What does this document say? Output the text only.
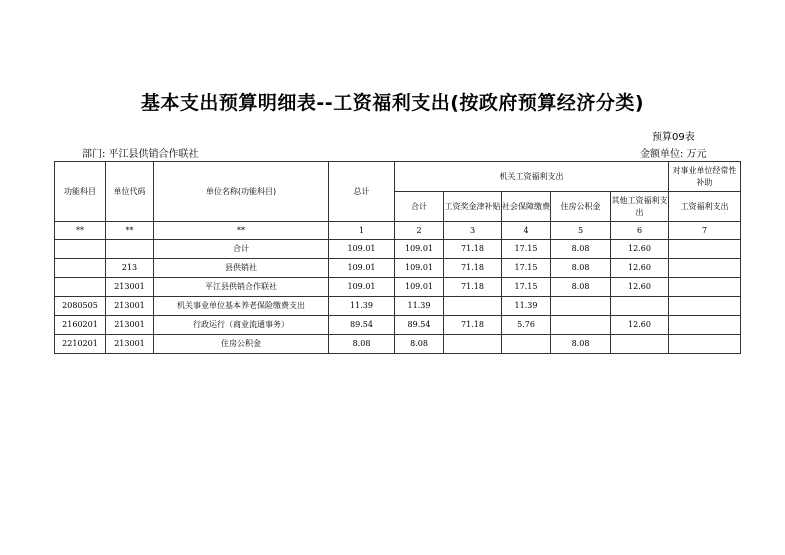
基本支出预算明细表--工资福利支出(按政府预算经济分类)
预算09表
部门: 平江县供销合作联社	金额单位: 万元
功能科目	单位代码	单位名称(功能科目)	总计	机关工资福利支出					对事业单位经常性补助
				合计	工资奖金津补贴	社会保障缴费	住房公积金	其他工资福利支出	工资福利支出
**	**	**	1	2	3	4	5	6	7
		合计	109.01	109.01	71.18	17.15	8.08	12.60	
	213	县供销社	109.01	109.01	71.18	17.15	8.08	12.60	
	213001	平江县供销合作联社	109.01	109.01	71.18	17.15	8.08	12.60	
2080505	213001	机关事业单位基本养老保险缴费支出	11.39	11.39		11.39			
2160201	213001	行政运行（商业流通事务）	89.54	89.54	71.18	5.76		12.60	
2210201	213001	住房公积金	8.08	8.08			8.08		
